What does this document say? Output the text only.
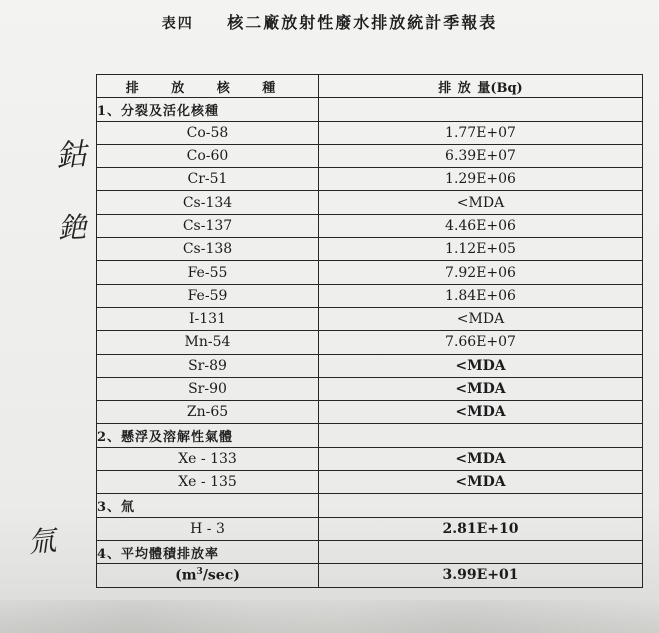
表四 核二廠放射性廢水排放統計季報表
排 放 核 種	排 放 量(Bq)
1、分裂及活化核種	
Co-58	1.77E+07
Co-60	6.39E+07
Cr-51	1.29E+06
Cs-134	<MDA
Cs-137	4.46E+06
Cs-138	1.12E+05
Fe-55	7.92E+06
Fe-59	1.84E+06
I-131	<MDA
Mn-54	7.66E+07
Sr-89	<MDA
Sr-90	<MDA
Zn-65	<MDA
2、懸浮及溶解性氣體	
Xe - 133	<MDA
Xe - 135	<MDA
3、氚	
H - 3	2.81E+10
4、平均體積排放率	
$(m^3/\sec)$	3.99E+01
鈷
銫
氚
